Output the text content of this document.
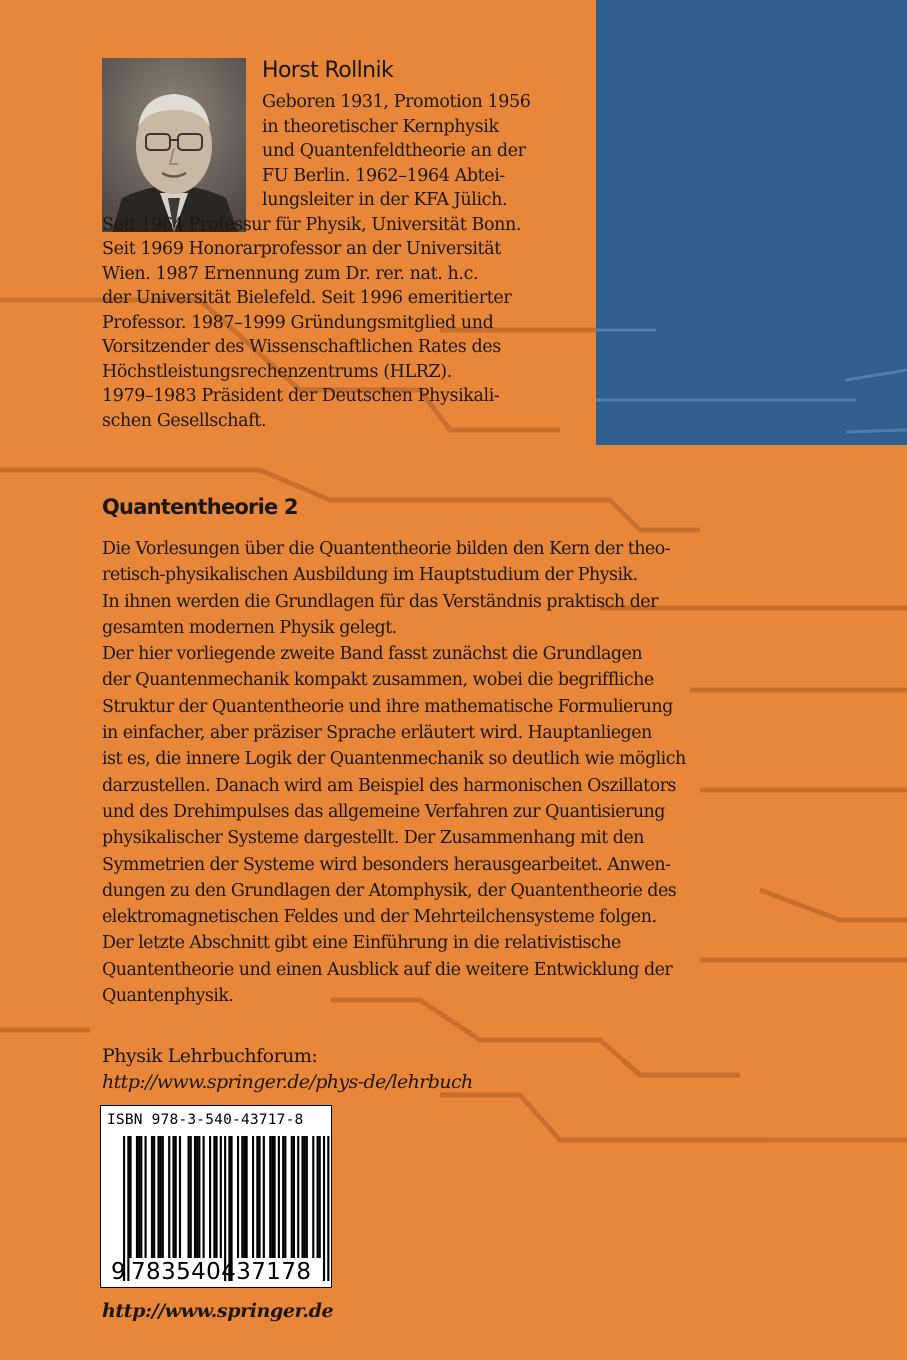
Horst Rollnik
Geboren 1931, Promotion 1956
in theoretischer Kernphysik
und Quantenfeldtheorie an der
FU Berlin. 1962–1964 Abtei-
lungsleiter in der KFA Jülich.
Seit 1964 Professur für Physik, Universität Bonn.
Seit 1969 Honorarprofessor an der Universität
Wien. 1987 Ernennung zum Dr. rer. nat. h.c.
der Universität Bielefeld. Seit 1996 emeritierter
Professor. 1987–1999 Gründungsmitglied und
Vorsitzender des Wissenschaftlichen Rates des
Höchstleistungsrechenzentrums (HLRZ).
1979–1983 Präsident der Deutschen Physikali-
schen Gesellschaft.
Quantentheorie 2
Die Vorlesungen über die Quantentheorie bilden den Kern der theo-
retisch-physikalischen Ausbildung im Hauptstudium der Physik.
In ihnen werden die Grundlagen für das Verständnis praktisch der
gesamten modernen Physik gelegt.
Der hier vorliegende zweite Band fasst zunächst die Grundlagen
der Quantenmechanik kompakt zusammen, wobei die begriffliche
Struktur der Quantentheorie und ihre mathematische Formulierung
in einfacher, aber präziser Sprache erläutert wird. Hauptanliegen
ist es, die innere Logik der Quantenmechanik so deutlich wie möglich
darzustellen. Danach wird am Beispiel des harmonischen Oszillators
und des Drehimpulses das allgemeine Verfahren zur Quantisierung
physikalischer Systeme dargestellt. Der Zusammenhang mit den
Symmetrien der Systeme wird besonders herausgearbeitet. Anwen-
dungen zu den Grundlagen der Atomphysik, der Quantentheorie des
elektromagnetischen Feldes und der Mehrteilchensysteme folgen.
Der letzte Abschnitt gibt eine Einführung in die relativistische
Quantentheorie und einen Ausblick auf die weitere Entwicklung der
Quantenphysik.
Physik Lehrbuchforum:
http://www.springer.de/phys-de/lehrbuch
ISBN 978-3-540-43717-8
9 783540437178
http://www.springer.de
